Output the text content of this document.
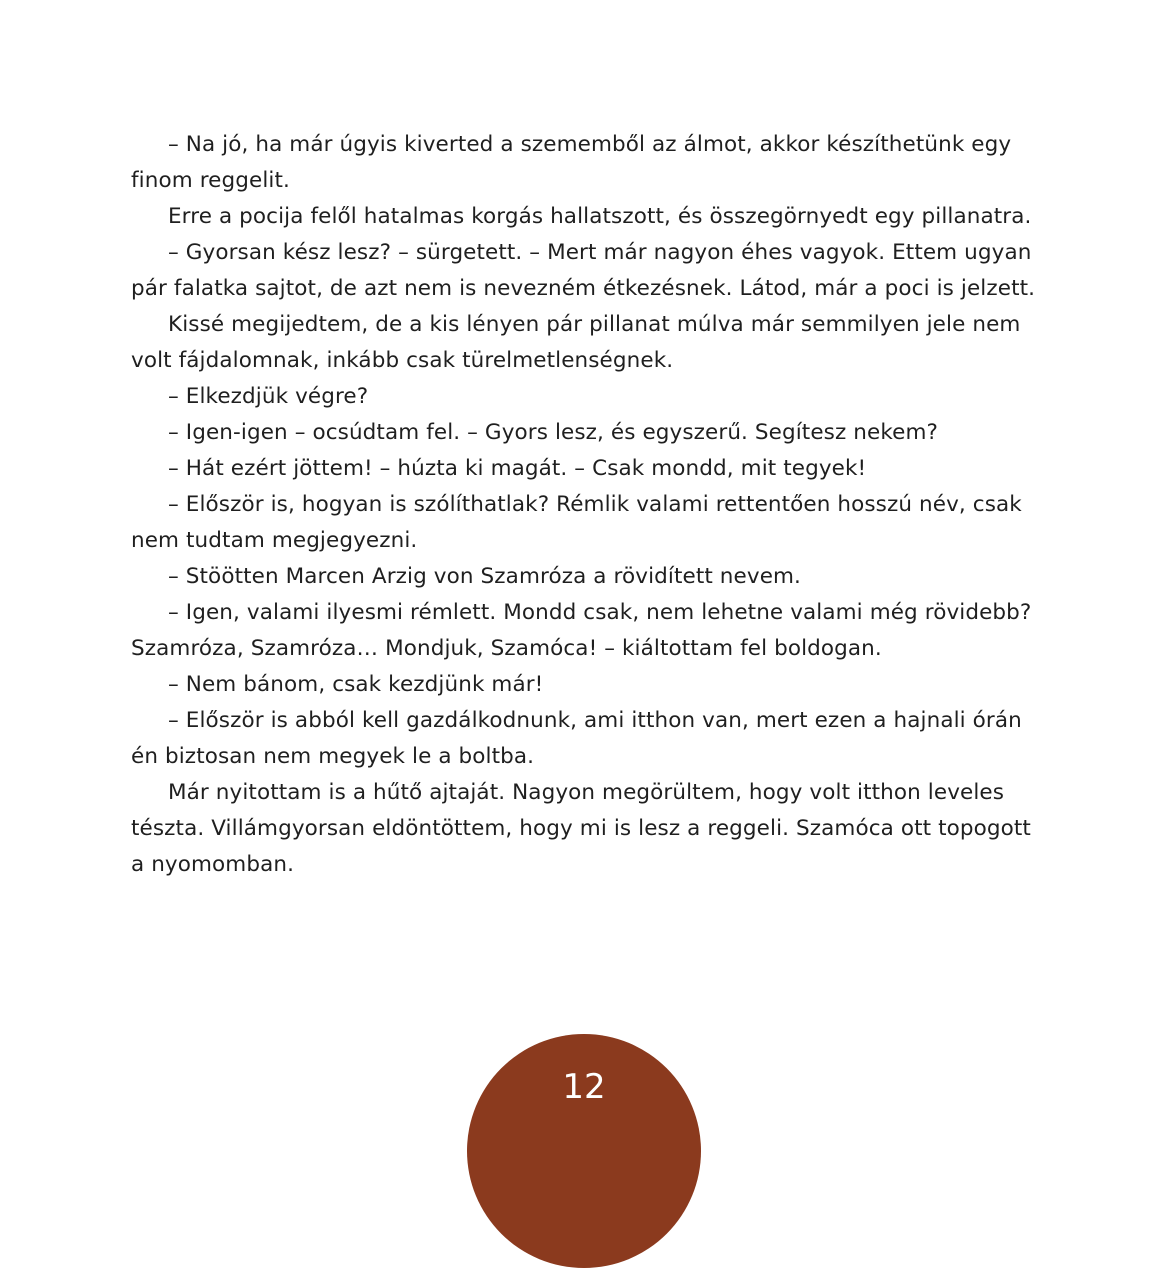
– Na jó, ha már úgyis kiverted a szememből az álmot, akkor készíthetünk egy finom reggelit.

Erre a pocija felől hatalmas korgás hallatszott, és összegörnyedt egy pillanatra.

– Gyorsan kész lesz? – sürgetett. – Mert már nagyon éhes vagyok. Ettem ugyan pár falatka sajtot, de azt nem is nevezném étkezésnek. Látod, már a poci is jelzett.

Kissé megijedtem, de a kis lényen pár pillanat múlva már semmilyen jele nem volt fájdalomnak, inkább csak türelmetlenségnek.

– Elkezdjük végre?

– Igen-igen – ocsúdtam fel. – Gyors lesz, és egyszerű. Segítesz nekem?

– Hát ezért jöttem! – húzta ki magát. – Csak mondd, mit tegyek!

– Először is, hogyan is szólíthatlak? Rémlik valami rettentően hosszú név, csak nem tudtam megjegyezni.

– Stöötten Marcen Arzig von Szamróza a rövidített nevem.

– Igen, valami ilyesmi rémlett. Mondd csak, nem lehetne valami még rövidebb? Szamróza, Szamróza… Mondjuk, Szamóca! – kiáltottam fel boldogan.

– Nem bánom, csak kezdjünk már!

– Először is abból kell gazdálkodnunk, ami itthon van, mert ezen a hajnali órán én biztosan nem megyek le a boltba.

Már nyitottam is a hűtő ajtaját. Nagyon megörültem, hogy volt itthon leveles tészta. Villámgyorsan eldöntöttem, hogy mi is lesz a reggeli. Szamóca ott topogott a nyomomban.

12
